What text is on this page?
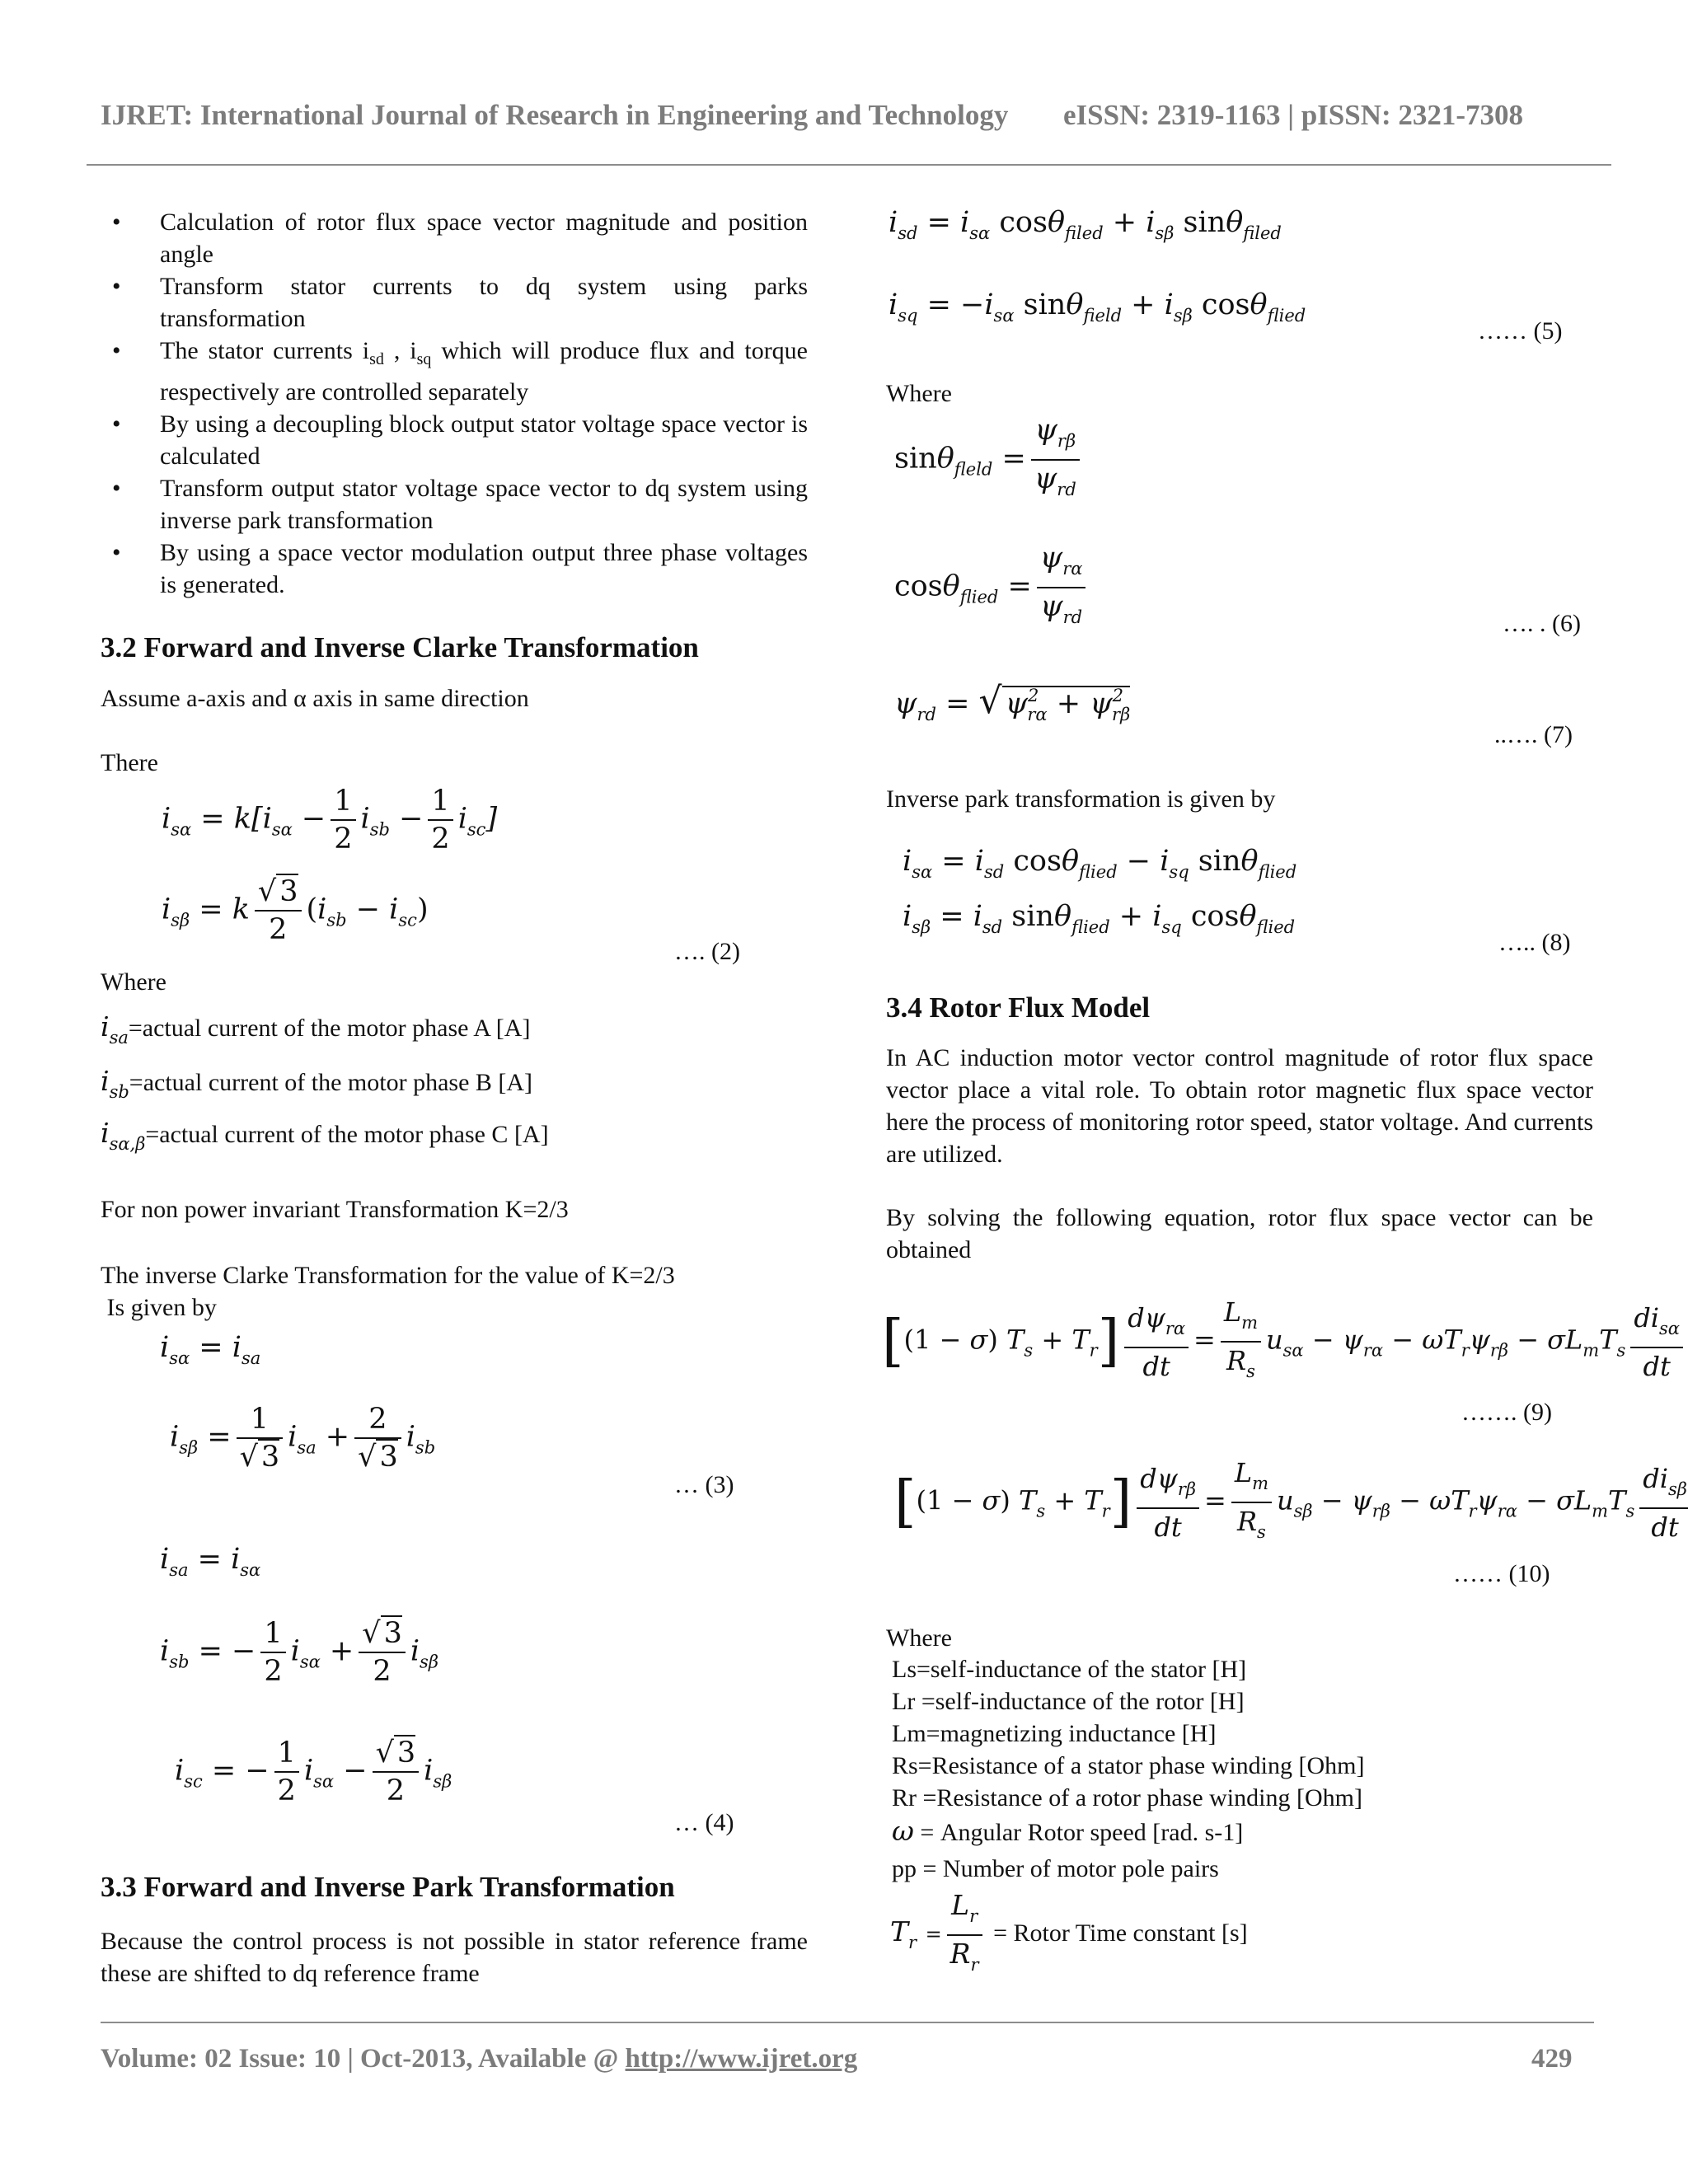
IJRET: International Journal of Research in Engineering and Technology eISSN: 2319-1163 | pISSN: 2321-7308
• Calculation of rotor flux space vector magnitude and position angle
• Transform stator currents to dq system using parks transformation
• The stator currents $i_{sd}$ , $i_{sq}$ which will produce flux and torque respectively are controlled separately
• By using a decoupling block output stator voltage space vector is calculated
• Transform output stator voltage space vector to dq system using inverse park transformation
• By using a space vector modulation output three phase voltages is generated.
3.2 Forward and Inverse Clarke Transformation
Assume a-axis and α axis in same direction
There
$i_{s\alpha} = k[i_{s\alpha} - \frac{1}{2} i_{sb} - \frac{1}{2} i_{sc}]$
$i_{s\beta} = k \frac{√ 3}{2} (i_{sb} - i_{sc})$
…. (2)
Where
$i_{sa}=actual$ current of the motor phase A [A]
$i_{sb}=actual$ current of the motor phase B [A]
$i_{s\alpha,\beta}=actual$ current of the motor phase C [A]
For non power invariant Transformation K=2/3
The inverse Clarke Transformation for the value of K=2/3
Is given by
$i_{s\alpha} = i_{sa}$
$i_{s\beta} = \frac{1}{√ 3} i_{sa} + \frac{2}{√ 3} i_{sb}$
… (3)
$i_{sa} = i_{s\alpha}$
$i_{sb}$ = − $\frac{1}{2} i_{s\alpha} + \frac{√ 3}{2} i_{s\beta}$
$i_{sc}$ = − $\frac{1}{2} i_{s\alpha} - \frac{√ 3}{2} i_{s\beta}$
… (4)
3.3 Forward and Inverse Park Transformation
Because the control process is not possible in stator reference frame these are shifted to dq reference frame
$i_{sd} = i_{s\alpha}$ $\cos\theta_{filed} + i_{s\beta}$ sinθ$_{filed}$
$i_{sq} = -i_{s\alpha}$ $\sin\theta_{field} + i_{s\beta}$ cosθ$_{flied}$
…… (5)
Where
$\sin\theta_{fleld} = \frac{\psi_{r\beta}}{\psi_{rd}}$
$\cos\theta_{flied} = \frac{\psi_{r\alpha}}{\psi_{rd}}$	…. . (6)
$\psi_{rd}$ = √ $\psi^2_{r\alpha} + \psi^2_{r\beta}$
..…. (7)
Inverse park transformation is given by
$i_{s\alpha} = i_{sd}$ $\cos\theta_{flied} - i_{sq}$ sinθ$_{flied}$
$i_{s\beta} = i_{sd}$ $\sin\theta_{flied} + i_{sq}$ cosθ$_{flied}$
….. (8)
3.4 Rotor Flux Model
In AC induction motor vector control magnitude of rotor flux space vector place a vital role. To obtain rotor magnetic flux space vector here the process of monitoring rotor speed, stator voltage. And currents are utilized.
By solving the following equation, rotor flux space vector can be obtained
[(1 − σ) $T_s + T_r] \frac{d\psi_{r\alpha}}{dt} = \frac{L_m}{R_s} u_{s\alpha} - \psi_{r\alpha} - \omega T_r\psi_{r\beta} - \sigma L_mT_s \frac{di_{s\alpha}}{dt}$
……. (9)
[(1 − σ) $T_s + T_r] \frac{d\psi_{r\beta}}{dt} = \frac{L_m}{R_s} u_{s\beta} - \psi_{r\beta} - \omega T_r\psi_{r\alpha} - \sigma L_mT_s \frac{di_{s\beta}}{dt}$
…… (10)
Where
Ls=self-inductance of the stator [H]
Lr =self-inductance of the rotor [H]
Lm=magnetizing inductance [H]
Rs=Resistance of a stator phase winding [Ohm]
Rr =Resistance of a rotor phase winding [Ohm]
ω = Angular Rotor speed [rad. s-1]
pp = Number of motor pole pairs
$T_r = \frac{L_r}{R_r}$ = Rotor Time constant [s]
Volume: 02 Issue: 10 | Oct-2013, Available @ http://www.ijret.org	429
